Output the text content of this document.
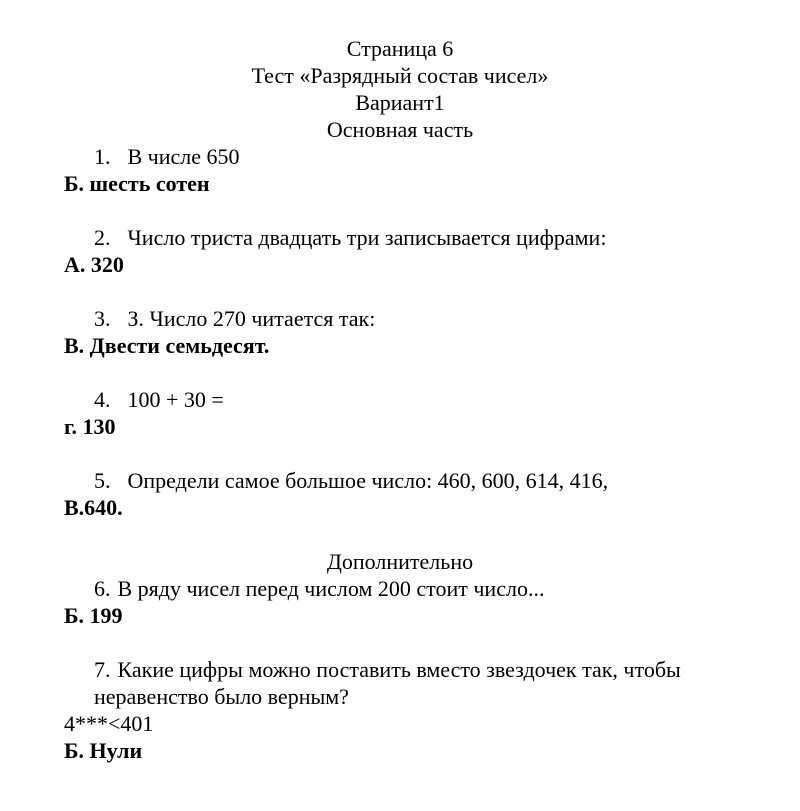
Страница 6
Тест «Разрядный состав чисел»
Вариант1
Основная часть
1. В числе 650
Б. шесть сотен
2. Число триста двадцать три записывается цифрами:
А. 320
3. З. Число 270 читается так:
В. Двести семьдесят.
4. 100 + 30 =
г. 130
5. Определи самое большое число: 460, 600, 614, 416,
В.640.
Дополнительно
6. В ряду чисел перед числом 200 стоит число...
Б. 199
7. Какие цифры можно поставить вместо звездочек так, чтобы
неравенство было верным?
4***<401
Б. Нули
